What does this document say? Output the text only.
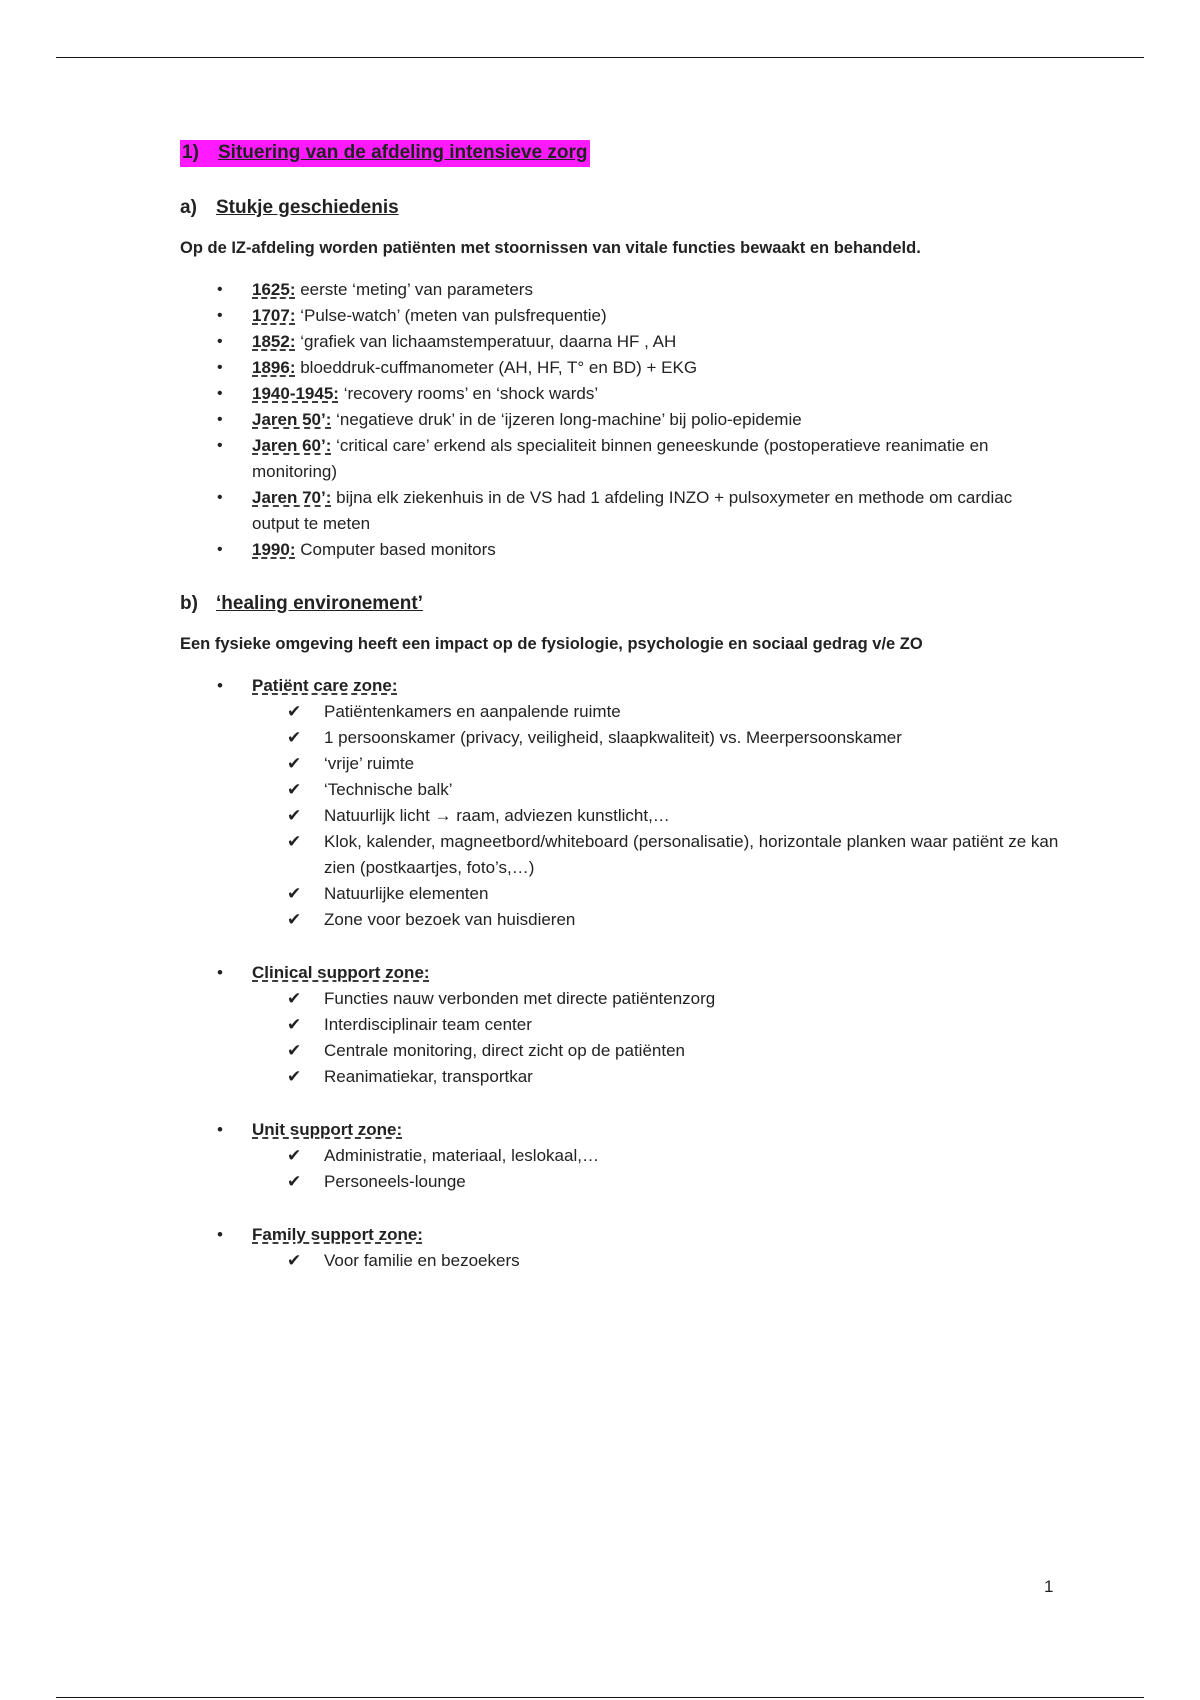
1) Situering van de afdeling intensieve zorg
a) Stukje geschiedenis

Op de IZ-afdeling worden patiënten met stoornissen van vitale functies bewaakt en behandeld.

• 1625: eerste ‘meting’ van parameters
• 1707: ‘Pulse-watch’ (meten van pulsfrequentie)
• 1852: ‘grafiek van lichaamstemperatuur, daarna HF , AH
• 1896: bloeddruk-cuffmanometer (AH, HF, T° en BD) + EKG
• 1940-1945: ‘recovery rooms’ en ‘shock wards’
• Jaren 50’: ‘negatieve druk’ in de ‘ijzeren long-machine’ bij polio-epidemie
• Jaren 60’: ‘critical care’ erkend als specialiteit binnen geneeskunde (postoperatieve reanimatie en monitoring)
• Jaren 70’: bijna elk ziekenhuis in de VS had 1 afdeling INZO + pulsoxymeter en methode om cardiac output te meten
• 1990: Computer based monitors
b) ‘healing environement’

Een fysieke omgeving heeft een impact op de fysiologie, psychologie en sociaal gedrag v/e ZO

• Patiënt care zone:
✔ Patiëntenkamers en aanpalende ruimte
✔ 1 persoonskamer (privacy, veiligheid, slaapkwaliteit) vs. Meerpersoonskamer
✔ ‘vrije’ ruimte
✔ ‘Technische balk’
✔ Natuurlijk licht → raam, adviezen kunstlicht,…
✔ Klok, kalender, magneetbord/whiteboard (personalisatie), horizontale planken waar patiënt ze kan zien (postkaartjes, foto’s,…)
✔ Natuurlijke elementen
✔ Zone voor bezoek van huisdieren
• Clinical support zone:
✔ Functies nauw verbonden met directe patiëntenzorg
✔ Interdisciplinair team center
✔ Centrale monitoring, direct zicht op de patiënten
✔ Reanimatiekar, transportkar
• Unit support zone:
✔ Administratie, materiaal, leslokaal,…
✔ Personeels-lounge
• Family support zone:
✔ Voor familie en bezoekers
1
